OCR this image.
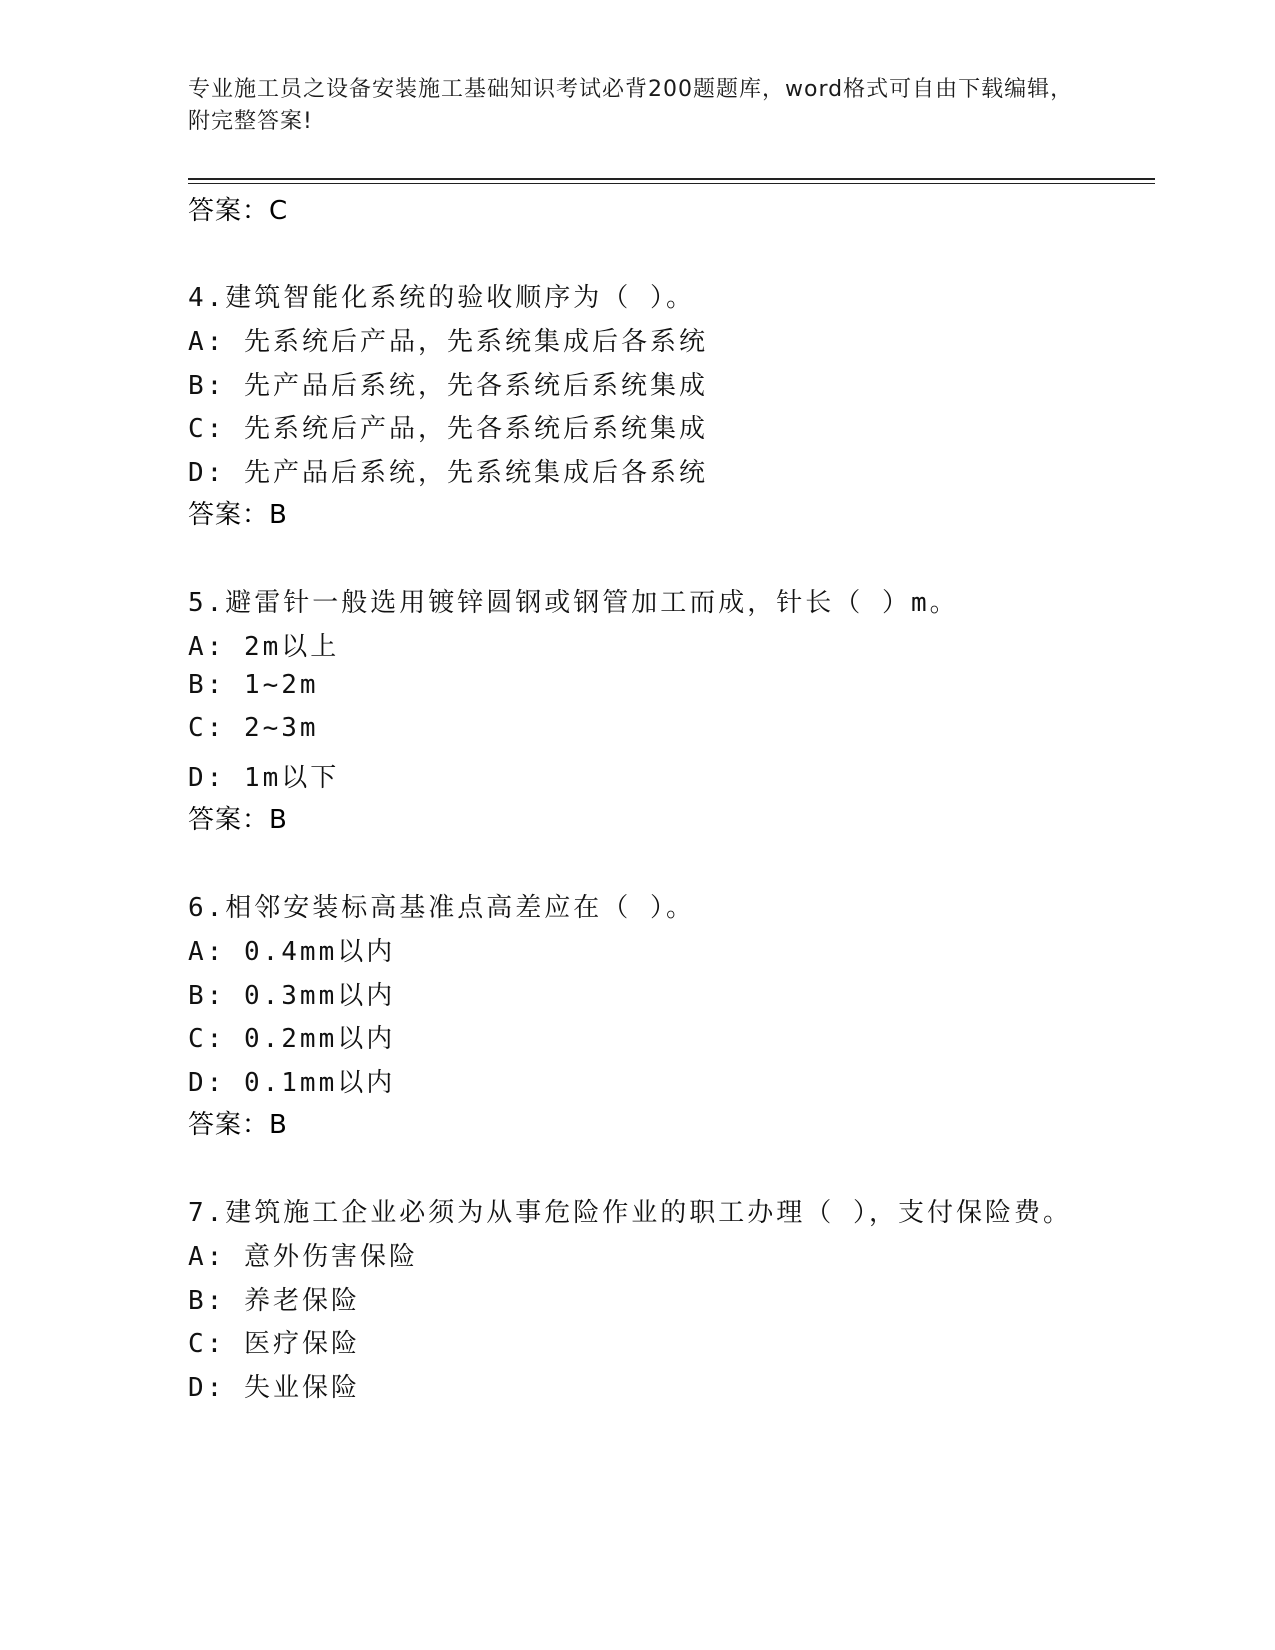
专业施工员之设备安装施工基础知识考试必背200题题库，word格式可自由下载编辑，附完整答案!
答案：C
4.建筑智能化系统的验收顺序为（ ）。
A: 先系统后产品，先系统集成后各系统
B: 先产品后系统，先各系统后系统集成
C: 先系统后产品，先各系统后系统集成
D: 先产品后系统，先系统集成后各系统
答案：B
5.避雷针一般选用镀锌圆钢或钢管加工而成，针长（ ）m。
A: 2m以上
B: 1~2m
C: 2~3m
D: 1m以下
答案：B
6.相邻安装标高基准点高差应在（ ）。
A: 0.4mm以内
B: 0.3mm以内
C: 0.2mm以内
D: 0.1mm以内
答案：B
7.建筑施工企业必须为从事危险作业的职工办理（ ），支付保险费。
A: 意外伤害保险
B: 养老保险
C: 医疗保险
D: 失业保险
